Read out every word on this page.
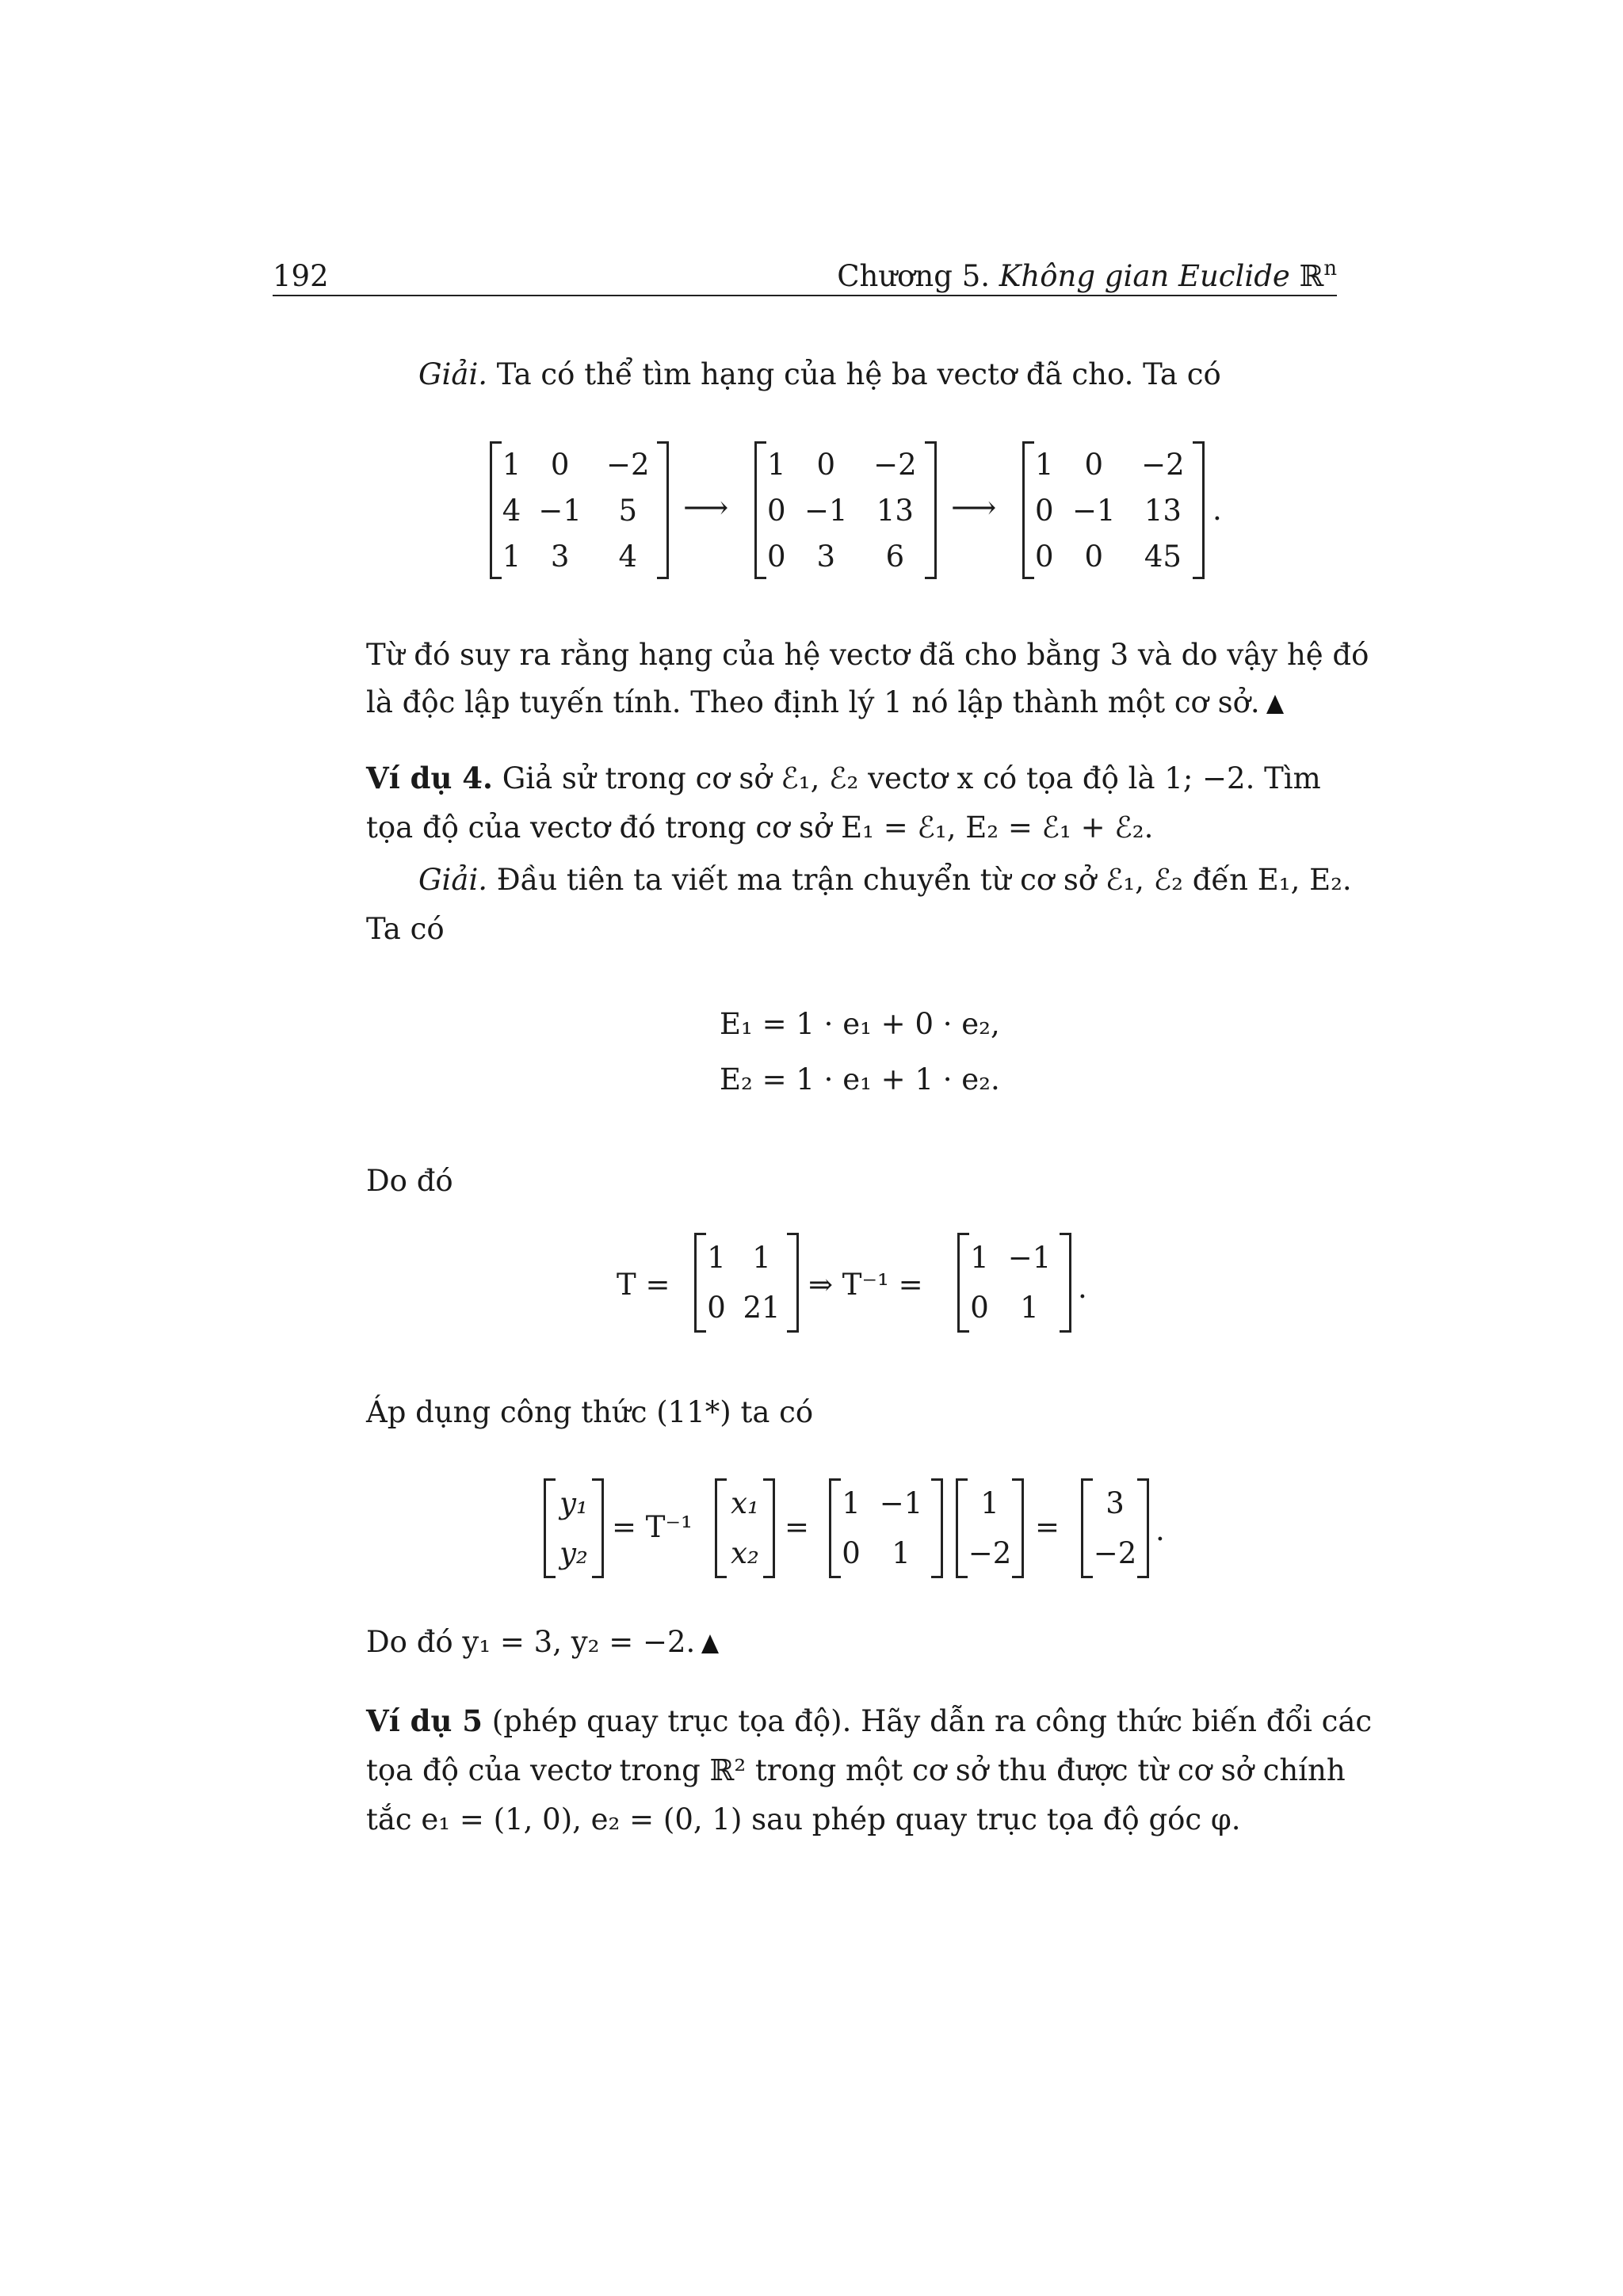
192	Chương 5. Không gian Euclide ℝ$^n$
Giải. Ta có thể tìm hạng của hệ ba vectơ đã cho. Ta có
1	0	−2
4	−1	5
1	3	4
⟶
1	0	−2
0	−1	13
0	3	6
⟶
1	0	−2
0	−1	13
0	0	45
.
Từ đó suy ra rằng hạng của hệ vectơ đã cho bằng 3 và do vậy hệ đó
là độc lập tuyến tính. Theo định lý 1 nó lập thành một cơ sở.
Ví dụ 4. Giả sử trong cơ sở ℰ₁, ℰ₂ vectơ x có tọa độ là 1; −2. Tìm
tọa độ của vectơ đó trong cơ sở E₁ = ℰ₁, E₂ = ℰ₁ + ℰ₂.
Giải. Đầu tiên ta viết ma trận chuyển từ cơ sở ℰ₁, ℰ₂ đến E₁, E₂.
Ta có
E₁ = 1 · e₁ + 0 · e₂,
E₂ = 1 · e₁ + 1 · e₂.
Do đó
T =
1	1
0	21
⇒ T⁻¹ =
1	−1
0	1
.
Áp dụng công thức (11*) ta có
y₁
y₂
= T⁻¹
x₁
x₂
=
1	−1
0	1
1
−2
=
3
−2
.
Do đó y₁ = 3, y₂ = −2.
Ví dụ 5 (phép quay trục tọa độ). Hãy dẫn ra công thức biến đổi các
tọa độ của vectơ trong ℝ² trong một cơ sở thu được từ cơ sở chính
tắc e₁ = (1, 0), e₂ = (0, 1) sau phép quay trục tọa độ góc φ.
